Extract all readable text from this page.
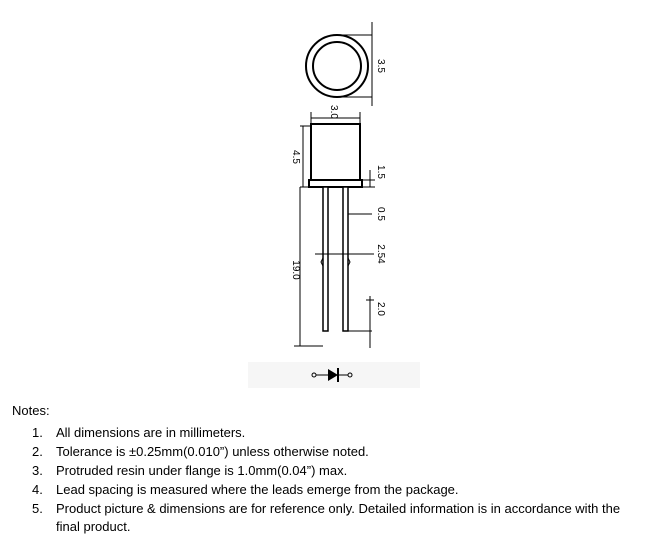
3.5
3.0
4.5
19.0
1.5
0.5
2.54
2.0

Notes:

1. All dimensions are in millimeters.
2. Tolerance is ±0.25mm(0.010”) unless otherwise noted.
3. Protruded resin under flange is 1.0mm(0.04”) max.
4. Lead spacing is measured where the leads emerge from the package.
5. Product picture & dimensions are for reference only. Detailed information is in accordance with the final product.
